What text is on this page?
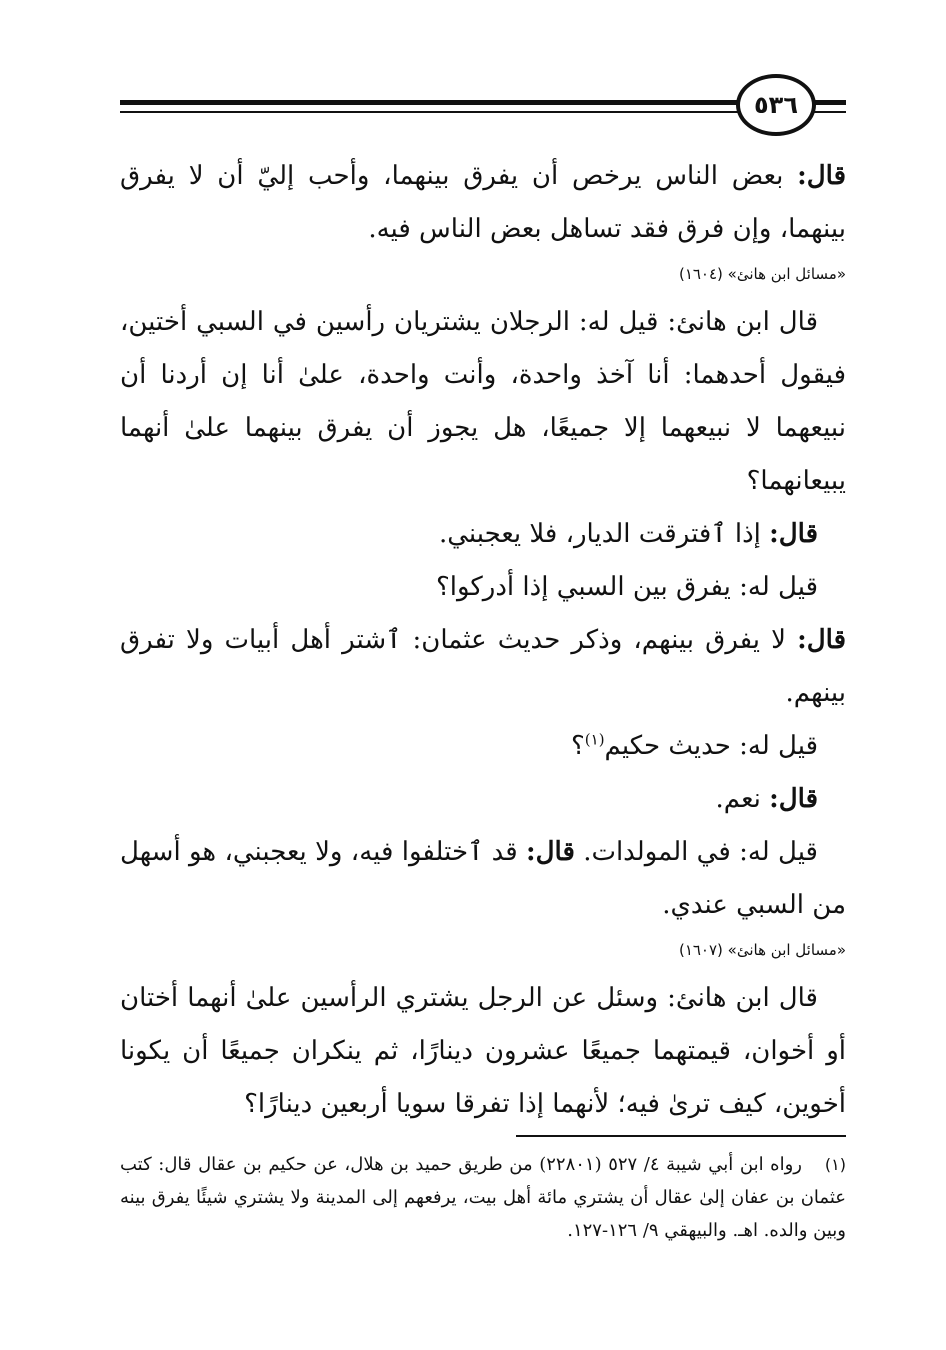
٥٣٦

قال: بعض الناس يرخص أن يفرق بينهما، وأحب إليّ أن لا يفرق بينهما، وإن فرق فقد تساهل بعض الناس فيه.

«مسائل ابن هانئ» (١٦٠٤)

قال ابن هانئ: قيل له: الرجلان يشتريان رأسين في السبي أختين، فيقول أحدهما: أنا آخذ واحدة، وأنت واحدة، علىٰ أنا إن أردنا أن نبيعهما لا نبيعهما إلا جميعًا، هل يجوز أن يفرق بينهما علىٰ أنهما يبيعانهما؟

قال: إذا ٱفترقت الديار، فلا يعجبني.

قيل له: يفرق بين السبي إذا أدركوا؟

قال: لا يفرق بينهم، وذكر حديث عثمان: ٱشتر أهل أبيات ولا تفرق بينهم.

قيل له: حديث حكيم$^{(١)}$؟

قال: نعم.

قيل له: في المولدات. قال: قد ٱختلفوا فيه، ولا يعجبني، هو أسهل من السبي عندي.

«مسائل ابن هانئ» (١٦٠٧)

قال ابن هانئ: وسئل عن الرجل يشتري الرأسين علىٰ أنهما أختان أو أخوان، قيمتهما جميعًا عشرون دينارًا، ثم ينكران جميعًا أن يكونا أخوين، كيف ترىٰ فيه؛ لأنهما إذا تفرقا سويا أربعين دينارًا؟

(١)رواه ابن أبي شيبة ٤/ ٥٢٧ (٢٢٨٠١) من طريق حميد بن هلال، عن حكيم بن عقال قال: كتب عثمان بن عفان إلىٰ عقال أن يشتري مائة أهل بيت، يرفعهم إلى المدينة ولا يشتري شيئًا يفرق بينه وبين والده. اهـ. والبيهقي ٩/ ١٢٦-١٢٧.
